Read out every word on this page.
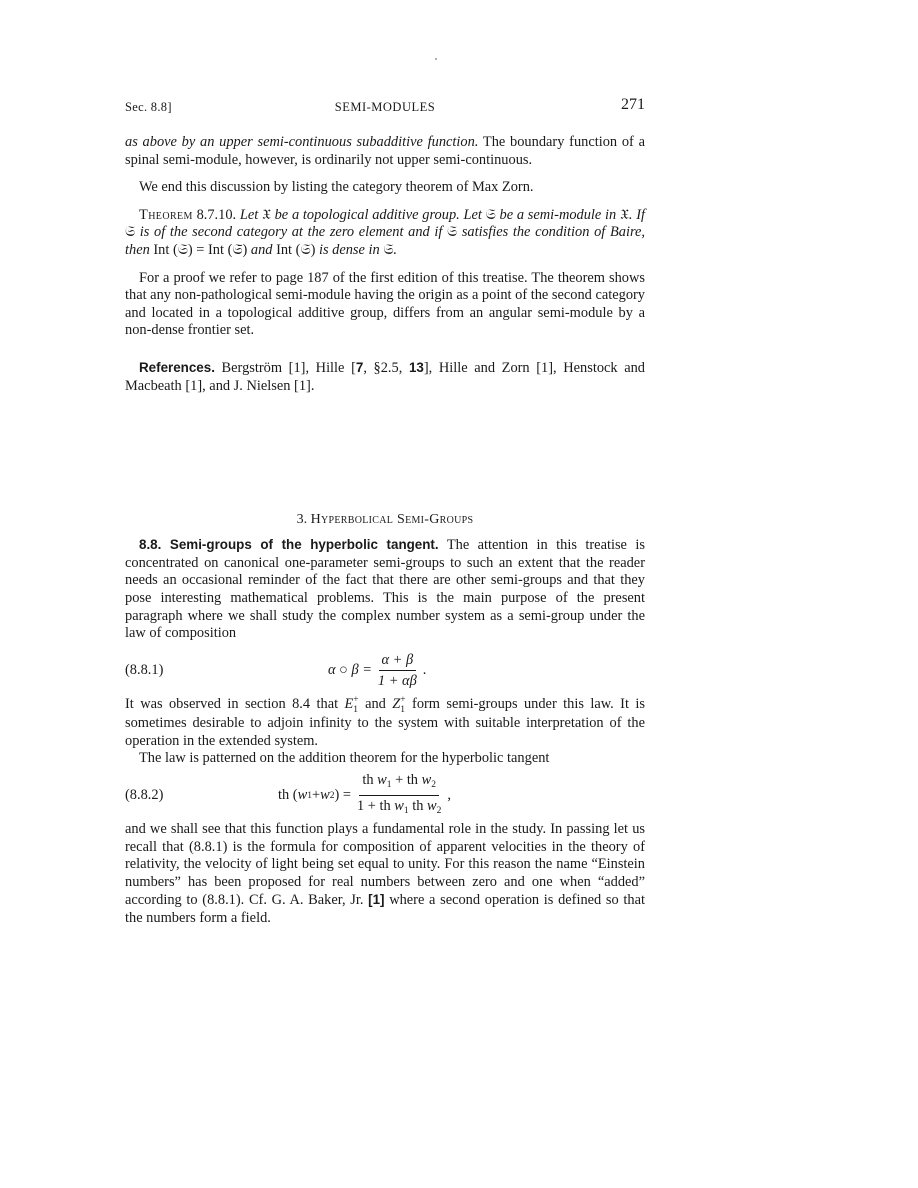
Sec. 8.8]	SEMI-MODULES	271

as above by an upper semi-continuous subadditive function. The boundary function of a spinal semi-module, however, is ordinarily not upper semi-continuous.

We end this discussion by listing the category theorem of Max Zorn.

Theorem 8.7.10. Let 𝔛 be a topological additive group. Let 𝔖 be a semi-module in 𝔛. If 𝔖 is of the second category at the zero element and if 𝔖 satisfies the condition of Baire, then Int (𝔖) = Int (𝔖̄) and Int (𝔖) is dense in 𝔖.

For a proof we refer to page 187 of the first edition of this treatise. The theorem shows that any non-pathological semi-module having the origin as a point of the second category and located in a topological additive group, differs from an angular semi-module by a non-dense frontier set.

References. Bergström [1], Hille [7, §2.5, 13], Hille and Zorn [1], Henstock and Macbeath [1], and J. Nielsen [1].

3. Hyperbolical Semi-Groups

8.8. Semi-groups of the hyperbolic tangent. The attention in this treatise is concentrated on canonical one-parameter semi-groups to such an extent that the reader needs an occasional reminder of the fact that there are other semi-groups and that they pose interesting mathematical problems. This is the main purpose of the present paragraph where we shall study the complex number system as a semi-group under the law of composition

(8.8.1)	α ○ $\beta = \frac{\alpha + \beta}{1 + \alpha\beta}$ .

It was observed in section 8.4 that E +
1 and Z +
1 form semi-groups under this law. It is sometimes desirable to adjoin infinity to the system with suitable interpretation of the operation in the extended system.

The law is patterned on the addition theorem for the hyperbolic tangent

(8.8.2)	th ( w 1 + w 2 ) = $\frac{th w_1 + th w_2}{1 + th w_1 th w_2}$ ,

and we shall see that this function plays a fundamental role in the study. In passing let us recall that (8.8.1) is the formula for composition of apparent velocities in the theory of relativity, the velocity of light being set equal to unity. For this reason the name “Einstein numbers” has been proposed for real numbers between zero and one when “added” according to (8.8.1). Cf. G. A. Baker, Jr. [1] where a second operation is defined so that the numbers form a field.
